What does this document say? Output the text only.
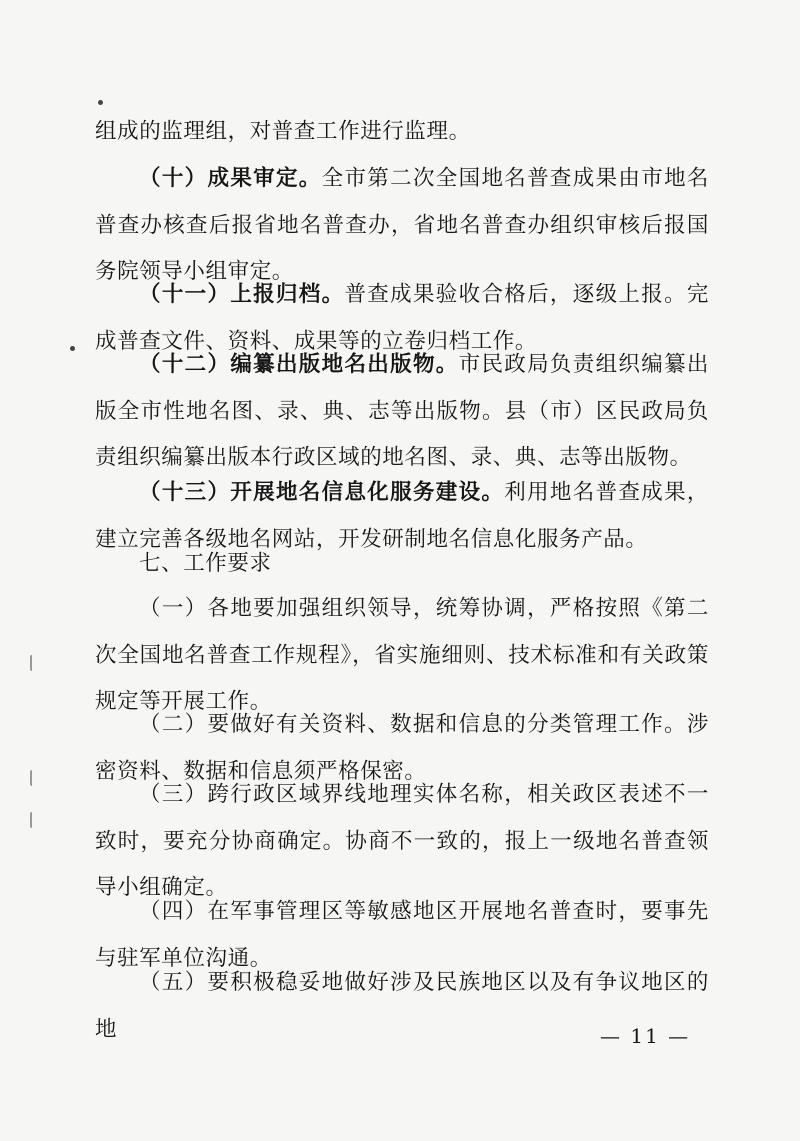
组成的监理组，对普查工作进行监理。

（十）成果审定。全市第二次全国地名普查成果由市地名普查办核查后报省地名普查办，省地名普查办组织审核后报国务院领导小组审定。

（十一）上报归档。普查成果验收合格后，逐级上报。完成普查文件、资料、成果等的立卷归档工作。

（十二）编纂出版地名出版物。市民政局负责组织编纂出版全市性地名图、录、典、志等出版物。县（市）区民政局负责组织编纂出版本行政区域的地名图、录、典、志等出版物。

（十三）开展地名信息化服务建设。利用地名普查成果，建立完善各级地名网站，开发研制地名信息化服务产品。

七、工作要求

（一）各地要加强组织领导，统筹协调，严格按照《第二次全国地名普查工作规程》，省实施细则、技术标准和有关政策规定等开展工作。

（二）要做好有关资料、数据和信息的分类管理工作。涉密资料、数据和信息须严格保密。

（三）跨行政区域界线地理实体名称，相关政区表述不一致时，要充分协商确定。协商不一致的，报上一级地名普查领导小组确定。

（四）在军事管理区等敏感地区开展地名普查时，要事先与驻军单位沟通。

（五）要积极稳妥地做好涉及民族地区以及有争议地区的地	— 11 —
